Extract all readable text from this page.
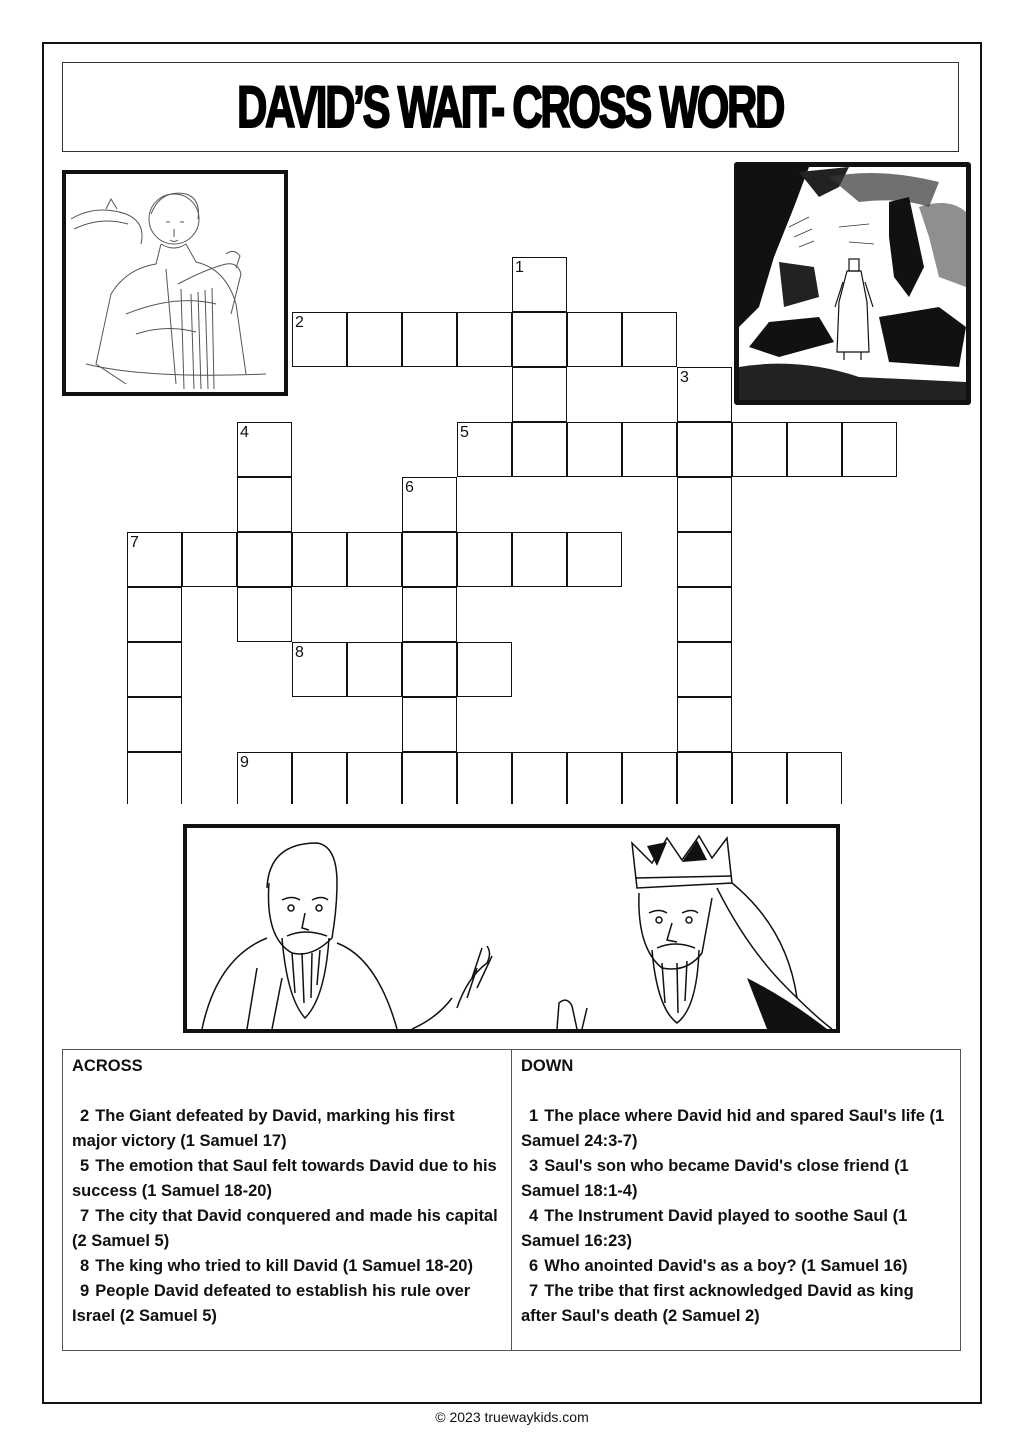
DAVID’S WAIT- CROSS WORD
1
2
3
4	5
6
7
8
9
ACROSS
2 The Giant defeated by David, marking his first major victory (1 Samuel 17)
5 The emotion that Saul felt towards David due to his success (1 Samuel 18-20)
7 The city that David conquered and made his capital (2 Samuel 5)
8 The king who tried to kill David (1 Samuel 18-20)
9 People David defeated to establish his rule over Israel (2 Samuel 5)
DOWN
1 The place where David hid and spared Saul's life (1 Samuel 24:3-7)
3 Saul's son who became David's close friend (1 Samuel 18:1-4)
4 The Instrument David played to soothe Saul (1 Samuel 16:23)
6 Who anointed David's as a boy? (1 Samuel 16)
7 The tribe that first acknowledged David as king after Saul's death (2 Samuel 2)
© 2023 truewaykids.com
